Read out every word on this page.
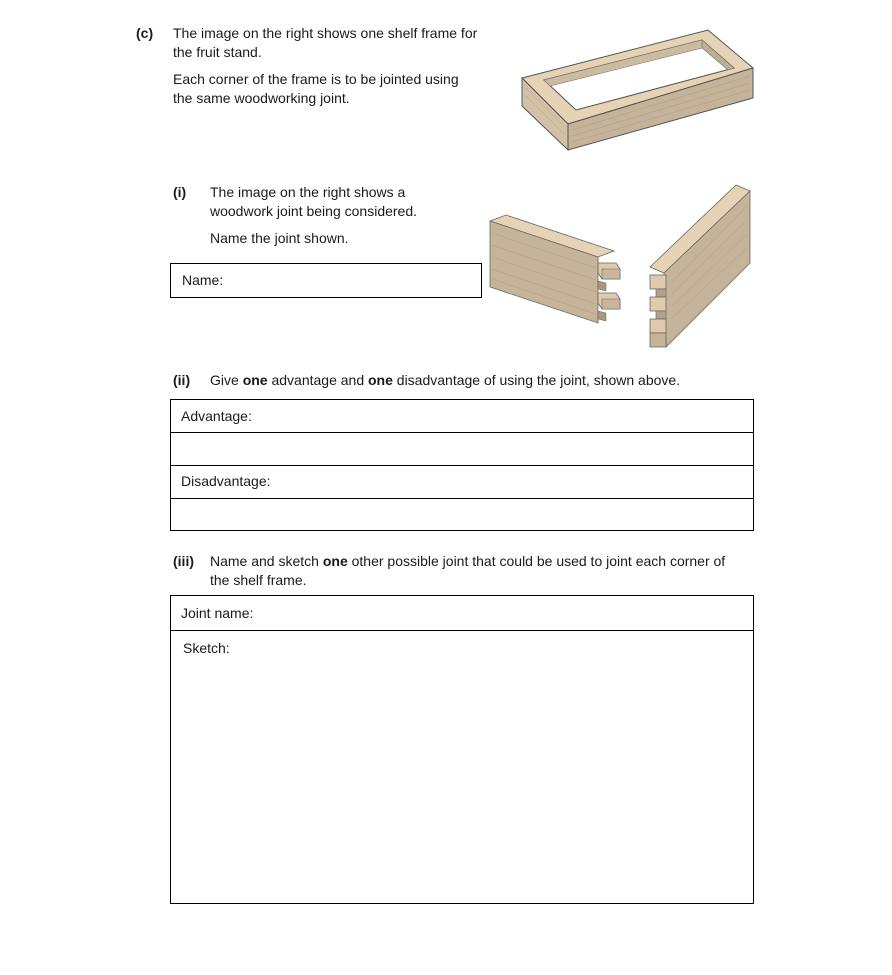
(c) The image on the right shows one shelf frame for
the fruit stand.
Each corner of the frame is to be jointed using
the same woodworking joint.
(i) The image on the right shows a
woodwork joint being considered.
Name the joint shown.
Name:
(ii) Give one advantage and one disadvantage of using the joint, shown above.
Advantage:
Disadvantage:
(iii) Name and sketch one other possible joint that could be used to joint each corner of
the shelf frame.
Joint name:
Sketch:
